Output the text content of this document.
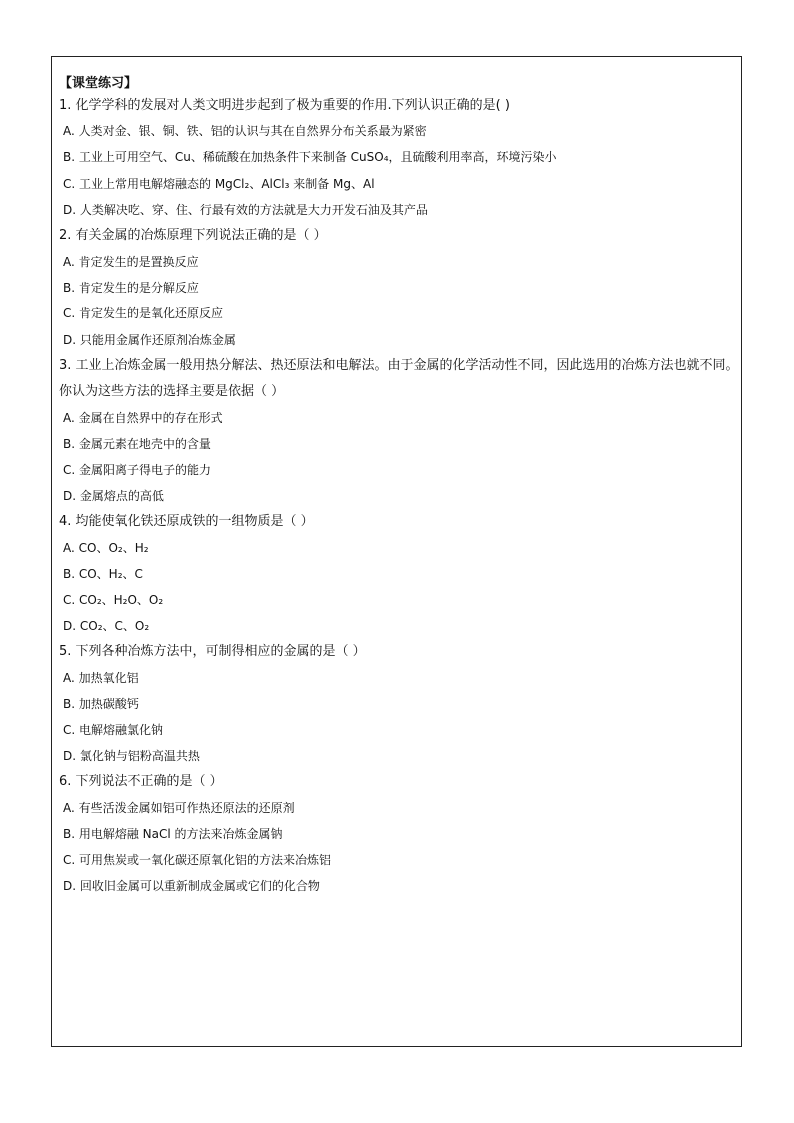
【课堂练习】
1. 化学学科的发展对人类文明进步起到了极为重要的作用.下列认识正确的是( )
A. 人类对金、银、铜、铁、铝的认识与其在自然界分布关系最为紧密
B. 工业上可用空气、Cu、稀硫酸在加热条件下来制备 CuSO₄，且硫酸利用率高，环境污染小
C. 工业上常用电解熔融态的 MgCl₂、AlCl₃ 来制备 Mg、Al
D. 人类解决吃、穿、住、行最有效的方法就是大力开发石油及其产品
2. 有关金属的冶炼原理下列说法正确的是（ ）
A. 肯定发生的是置换反应
B. 肯定发生的是分解反应
C. 肯定发生的是氧化还原反应
D. 只能用金属作还原剂冶炼金属
3. 工业上冶炼金属一般用热分解法、热还原法和电解法。由于金属的化学活动性不同，因此选用的冶炼方法也就不同。你认为这些方法的选择主要是依据（ ）
A. 金属在自然界中的存在形式
B. 金属元素在地壳中的含量
C. 金属阳离子得电子的能力
D. 金属熔点的高低
4. 均能使氧化铁还原成铁的一组物质是（ ）
A. CO、O₂、H₂
B. CO、H₂、C
C. CO₂、H₂O、O₂
D. CO₂、C、O₂
5. 下列各种冶炼方法中，可制得相应的金属的是（ ）
A. 加热氧化铝
B. 加热碳酸钙
C. 电解熔融氯化钠
D. 氯化钠与铝粉高温共热
6. 下列说法不正确的是（ ）
A. 有些活泼金属如铝可作热还原法的还原剂
B. 用电解熔融 NaCl 的方法来冶炼金属钠
C. 可用焦炭或一氧化碳还原氧化铝的方法来冶炼铝
D. 回收旧金属可以重新制成金属或它们的化合物
